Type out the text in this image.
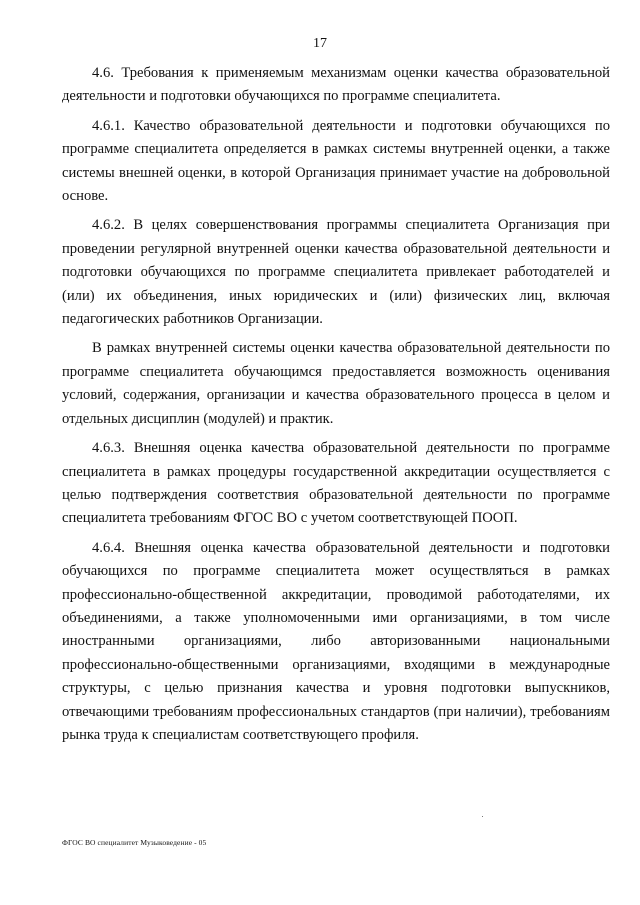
17

4.6. Требования к применяемым механизмам оценки качества образовательной деятельности и подготовки обучающихся по программе специалитета.

4.6.1. Качество образовательной деятельности и подготовки обучающихся по программе специалитета определяется в рамках системы внутренней оценки, а также системы внешней оценки, в которой Организация принимает участие на добровольной основе.

4.6.2. В целях совершенствования программы специалитета Организация при проведении регулярной внутренней оценки качества образовательной деятельности и подготовки обучающихся по программе специалитета привлекает работодателей и (или) их объединения, иных юридических и (или) физических лиц, включая педагогических работников Организации.

В рамках внутренней системы оценки качества образовательной деятельности по программе специалитета обучающимся предоставляется возможность оценивания условий, содержания, организации и качества образовательного процесса в целом и отдельных дисциплин (модулей) и практик.

4.6.3. Внешняя оценка качества образовательной деятельности по программе специалитета в рамках процедуры государственной аккредитации осуществляется с целью подтверждения соответствия образовательной деятельности по программе специалитета требованиям ФГОС ВО с учетом соответствующей ПООП.

4.6.4. Внешняя оценка качества образовательной деятельности и подготовки обучающихся по программе специалитета может осуществляться в рамках профессионально-общественной аккредитации, проводимой работодателями, их объединениями, а также уполномоченными ими организациями, в том числе иностранными организациями, либо авторизованными национальными профессионально-общественными организациями, входящими в международные структуры, с целью признания качества и уровня подготовки выпускников, отвечающими требованиям профессиональных стандартов (при наличии), требованиям рынка труда к специалистам соответствующего профиля.

ФГОС ВО специалитет Музыковедение - 05
